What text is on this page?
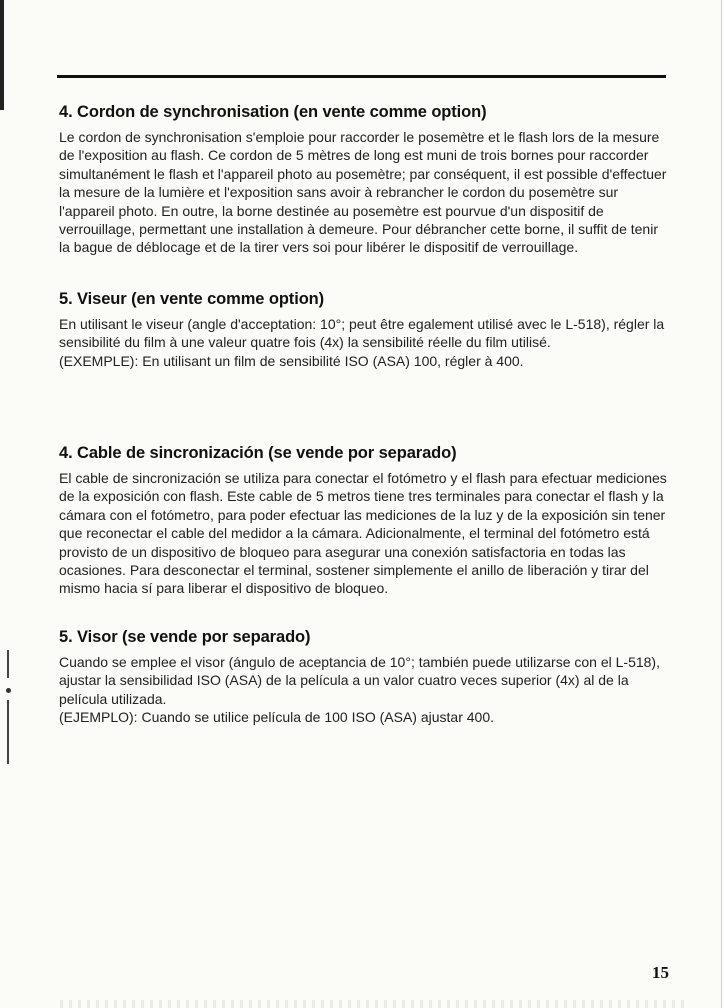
4. Cordon de synchronisation (en vente comme option)

Le cordon de synchronisation s'emploie pour raccorder le posemètre et le flash lors de la mesure de l'exposition au flash. Ce cordon de 5 mètres de long est muni de trois bornes pour raccorder simultanément le flash et l'appareil photo au posemètre; par conséquent, il est possible d'effectuer la mesure de la lumière et l'exposition sans avoir à rebrancher le cordon du posemètre sur l'appareil photo. En outre, la borne destinée au posemètre est pourvue d'un dispositif de verrouillage, permettant une installation à demeure. Pour débrancher cette borne, il suffit de tenir la bague de déblocage et de la tirer vers soi pour libérer le dispositif de verrouillage.

5. Viseur (en vente comme option)

En utilisant le viseur (angle d'acceptation: 10°; peut être egalement utilisé avec le L-518), régler la sensibilité du film à une valeur quatre fois (4x) la sensibilité réelle du film utilisé.

(EXEMPLE): En utilisant un film de sensibilité ISO (ASA) 100, régler à 400.

4. Cable de sincronización (se vende por separado)

El cable de sincronización se utiliza para conectar el fotómetro y el flash para efectuar mediciones de la exposición con flash. Este cable de 5 metros tiene tres terminales para conectar el flash y la cámara con el fotómetro, para poder efectuar las mediciones de la luz y de la exposición sin tener que reconectar el cable del medidor a la cámara. Adicionalmente, el terminal del fotómetro está provisto de un dispositivo de bloqueo para asegurar una conexión satisfactoria en todas las ocasiones. Para desconectar el terminal, sostener simplemente el anillo de liberación y tirar del mismo hacia sí para liberar el dispositivo de bloqueo.

5. Visor (se vende por separado)

Cuando se emplee el visor (ángulo de aceptancia de 10°; también puede utilizarse con el L-518), ajustar la sensibilidad ISO (ASA) de la película a un valor cuatro veces superior (4x) al de la película utilizada.

(EJEMPLO): Cuando se utilice película de 100 ISO (ASA) ajustar 400.

15
